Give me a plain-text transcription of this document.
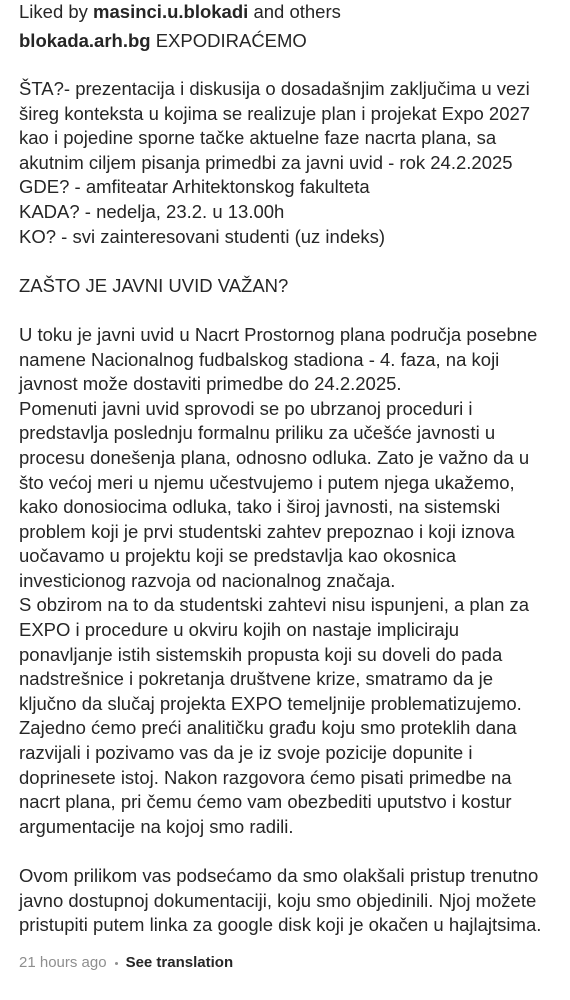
Liked by masinci.u.blokadi and others
blokada.arh.bg EXPODIRAĆEMO
ŠTA?- prezentacija i diskusija o dosadašnjim zaključima u vezi
šireg konteksta u kojima se realizuje plan i projekat Expo 2027
kao i pojedine sporne tačke aktuelne faze nacrta plana, sa
akutnim ciljem pisanja primedbi za javni uvid - rok 24.2.2025
GDE? - amfiteatar Arhitektonskog fakulteta
KADA? - nedelja, 23.2. u 13.00h
KO? - svi zainteresovani studenti (uz indeks)
ZAŠTO JE JAVNI UVID VAŽAN?
U toku je javni uvid u Nacrt Prostornog plana područja posebne
namene Nacionalnog fudbalskog stadiona - 4. faza, na koji
javnost može dostaviti primedbe do 24.2.2025.
Pomenuti javni uvid sprovodi se po ubrzanoj proceduri i
predstavlja poslednju formalnu priliku za učešće javnosti u
procesu donešenja plana, odnosno odluka. Zato je važno da u
što većoj meri u njemu učestvujemo i putem njega ukažemo,
kako donosiocima odluka, tako i široj javnosti, na sistemski
problem koji je prvi studentski zahtev prepoznao i koji iznova
uočavamo u projektu koji se predstavlja kao okosnica
investicionog razvoja od nacionalnog značaja.
S obzirom na to da studentski zahtevi nisu ispunjeni, a plan za
EXPO i procedure u okviru kojih on nastaje impliciraju
ponavljanje istih sistemskih propusta koji su doveli do pada
nadstrešnice i pokretanja društvene krize, smatramo da je
ključno da slučaj projekta EXPO temeljnije problematizujemo.
Zajedno ćemo preći analitičku građu koju smo proteklih dana
razvijali i pozivamo vas da je iz svoje pozicije dopunite i
doprinesete istoj. Nakon razgovora ćemo pisati primedbe na
nacrt plana, pri čemu ćemo vam obezbediti uputstvo i kostur
argumentacije na kojoj smo radili.
Ovom prilikom vas podsećamo da smo olakšali pristup trenutno
javno dostupnoj dokumentaciji, koju smo objedinili. Njoj možete
pristupiti putem linka za google disk koji je okačen u hajlajtsima.
21 hours ago See translation
